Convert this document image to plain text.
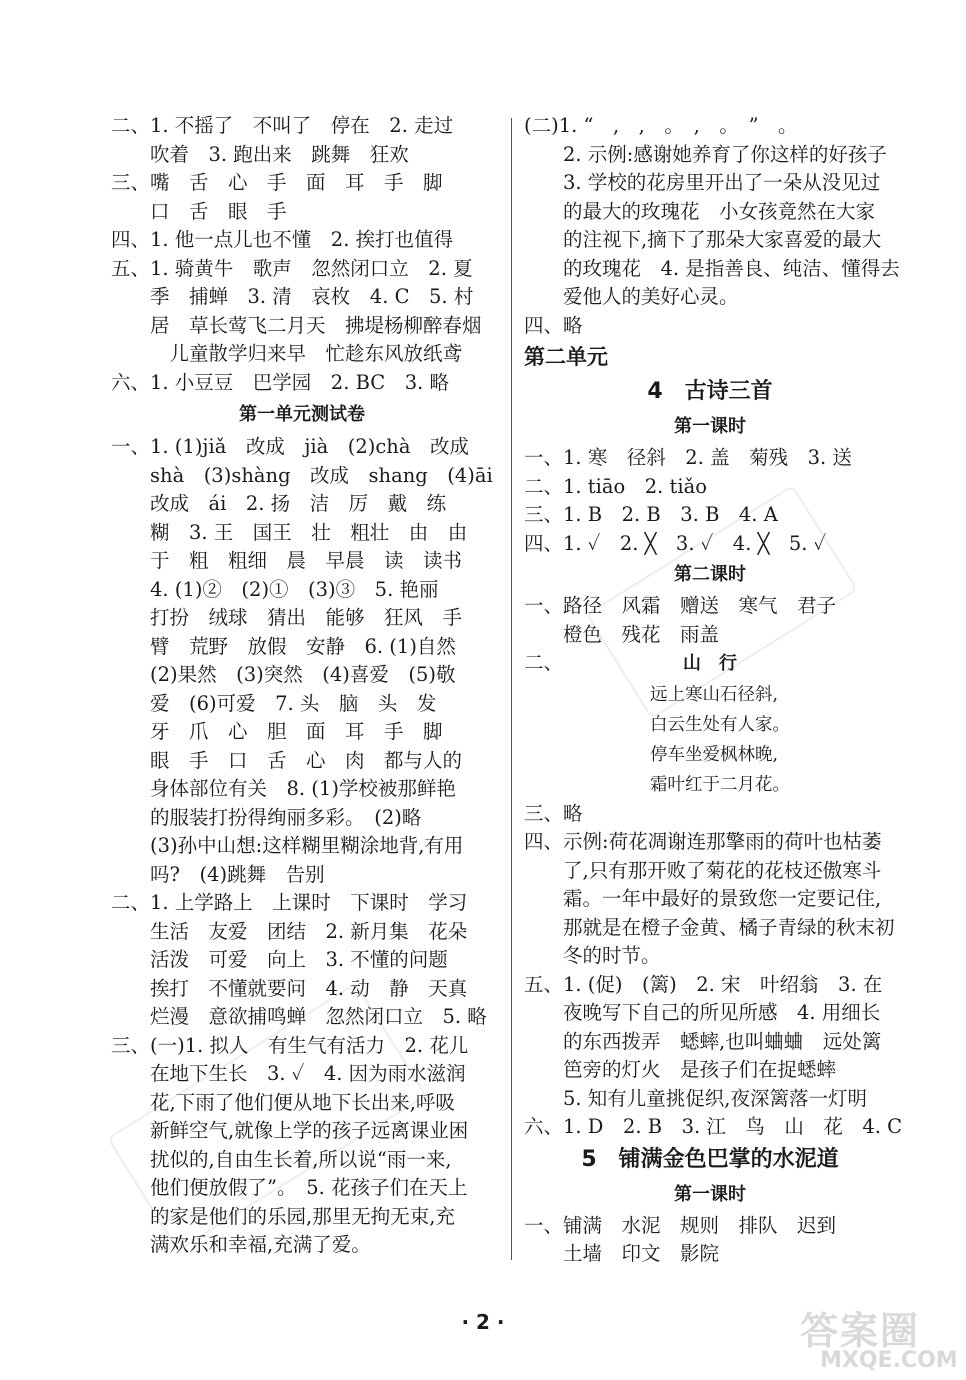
二、1. 不摇了　不叫了　停在　2. 走过
　　吹着　3. 跑出来　跳舞　狂欢
三、嘴　舌　心　手　面　耳　手　脚
　　口　舌　眼　手
四、1. 他一点儿也不懂　2. 挨打也值得
五、1. 骑黄牛　歌声　忽然闭口立　2. 夏
　　季　捕蝉　3. 清　哀枚　4. C　5. 村
　　居　草长莺飞二月天　拂堤杨柳醉春烟
　　　儿童散学归来早　忙趁东风放纸鸢
六、1. 小豆豆　巴学园　2. BC　3. 略
第一单元测试卷
一、1. (1)jiǎ　改成　jià　(2)chà　改成
　　shà　(3)shàng　改成　shang　(4)āi
　　改成　ái　2. 扬　洁　厉　戴　练
　　糊　3. 王　国王　壮　粗壮　由　由
　　于　粗　粗细　晨　早晨　读　读书
　　4. (1)②　(2)①　(3)③　5. 艳丽
　　打扮　绒球　猜出　能够　狂风　手
　　臂　荒野　放假　安静　6. (1)自然
　　(2)果然　(3)突然　(4)喜爱　(5)敬
　　爱　(6)可爱　7. 头　脑　头　发
　　牙　爪　心　胆　面　耳　手　脚
　　眼　手　口　舌　心　肉　都与人的
　　身体部位有关　8. (1)学校被那鲜艳
　　的服装打扮得绚丽多彩。　(2)略
　　(3)孙中山想:这样糊里糊涂地背,有用
　　吗?　(4)跳舞　告别
二、1. 上学路上　上课时　下课时　学习
　　生活　友爱　团结　2. 新月集　花朵
　　活泼　可爱　向上　3. 不懂的问题
　　挨打　不懂就要问　4. 动　静　天真
　　烂漫　意欲捕鸣蝉　忽然闭口立　5. 略
三、(一)1. 拟人　有生气有活力　2. 花儿
　　在地下生长　3. ✓　4. 因为雨水滋润
　　花,下雨了他们便从地下长出来,呼吸
　　新鲜空气,就像上学的孩子远离课业困
　　扰似的,自由生长着,所以说“雨一来,
　　他们便放假了”。　5. 花孩子们在天上
　　的家是他们的乐园,那里无拘无束,充
　　满欢乐和幸福,充满了爱。
(二)1. “　,　,　。　,　。　”　。
　　2. 示例:感谢她养育了你这样的好孩子
　　3. 学校的花房里开出了一朵从没见过
　　的最大的玫瑰花　小女孩竟然在大家
　　的注视下,摘下了那朵大家喜爱的最大
　　的玫瑰花　4. 是指善良、纯洁、懂得去
　　爱他人的美好心灵。
四、略
第二单元
4　古诗三首
第一课时
一、1. 寒　径斜　2. 盖　菊残　3. 送
二、1. tiāo　2. tiǎo
三、1. B　2. B　3. B　4. A
四、1. ✓　2. ╳　3. ✓　4. ╳　5. ✓
第二课时
一、路径　风霜　赠送　寒气　君子
　　橙色　残花　雨盖
二、	山　行
远上寒山石径斜,
白云生处有人家。
停车坐爱枫林晚,
霜叶红于二月花。
三、略
四、示例:荷花凋谢连那擎雨的荷叶也枯萎
　　了,只有那开败了菊花的花枝还傲寒斗
　　霜。一年中最好的景致您一定要记住,
　　那就是在橙子金黄、橘子青绿的秋末初
　　冬的时节。
五、1. (促)　(篱)　2. 宋　叶绍翁　3. 在
　　夜晚写下自己的所见所感　4. 用细长
　　的东西拨弄　蟋蟀,也叫蛐蛐　远处篱
　　笆旁的灯火　是孩子们在捉蟋蟀
　　5. 知有儿童挑促织,夜深篱落一灯明
六、1. D　2. B　3. 江　鸟　山　花　4. C
5　铺满金色巴掌的水泥道
第一课时
一、铺满　水泥　规则　排队　迟到
　　土墙　印文　影院
· 2 ·	答案圈
MXQE.COM
